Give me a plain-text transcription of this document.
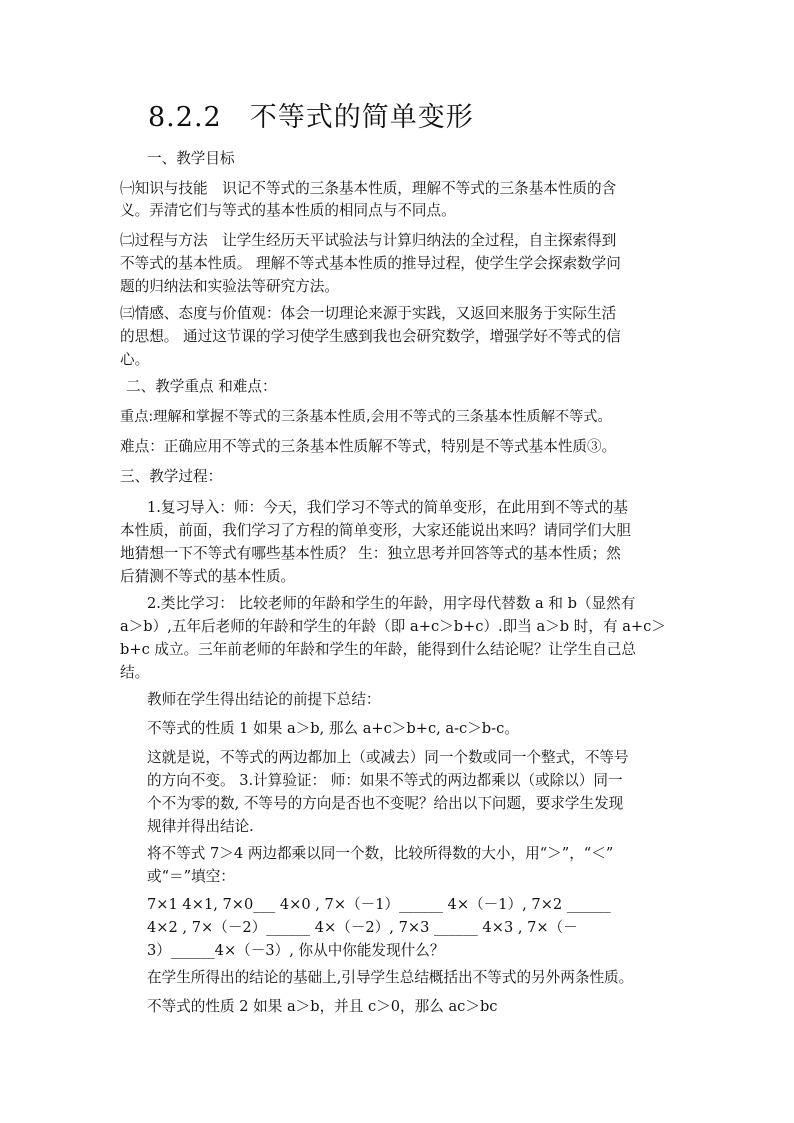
8.2.2　不等式的简单变形
一、教学目标
㈠知识与技能　识记不等式的三条基本性质，理解不等式的三条基本性质的含
义。弄清它们与等式的基本性质的相同点与不同点。
㈡过程与方法　让学生经历天平试验法与计算归纳法的全过程，自主探索得到
不等式的基本性质。 理解不等式基本性质的推导过程，使学生学会探索数学问
题的归纳法和实验法等研究方法。
㈢情感、态度与价值观：体会一切理论来源于实践，又返回来服务于实际生活
的思想。 通过这节课的学习使学生感到我也会研究数学，增强学好不等式的信
心。
二、教学重点 和难点：
重点:理解和掌握不等式的三条基本性质,会用不等式的三条基本性质解不等式。
难点：正确应用不等式的三条基本性质解不等式，特别是不等式基本性质③。
三、教学过程：
1.复习导入：师：今天，我们学习不等式的简单变形，在此用到不等式的基
本性质，前面，我们学习了方程的简单变形，大家还能说出来吗？请同学们大胆
地猜想一下不等式有哪些基本性质？ 生：独立思考并回答等式的基本性质；然
后猜测不等式的基本性质。
2.类比学习： 比较老师的年龄和学生的年龄，用字母代替数 a 和 b（显然有
a＞b）,五年后老师的年龄和学生的年龄（即 a+c＞b+c）.即当 a＞b 时，有 a+c＞
b+c 成立。三年前老师的年龄和学生的年龄，能得到什么结论呢？让学生自己总
结。
教师在学生得出结论的前提下总结：
不等式的性质 1 如果 a＞b, 那么 a+c＞b+c, a-c＞b-c。
这就是说，不等式的两边都加上（或减去）同一个数或同一个整式，不等号
的方向不变。 3.计算验证： 师：如果不等式的两边都乘以（或除以）同一
个不为零的数, 不等号的方向是否也不变呢？给出以下问题，要求学生发现
规律并得出结论.
将不等式 7＞4 两边都乘以同一个数，比较所得数的大小，用“＞”，“＜”
或“＝”填空：
7×1 4×1, 7×0___ 4×0 , 7×（－1）______ 4×（－1）, 7×2 ______
4×2 , 7×（－2）______ 4×（－2）, 7×3 ______ 4×3 , 7×（－
3）______4×（－3）, 你从中你能发现什么？
在学生所得出的结论的基础上,引导学生总结概括出不等式的另外两条性质。
不等式的性质 2 如果 a＞b，并且 c＞0，那么 ac＞bc
